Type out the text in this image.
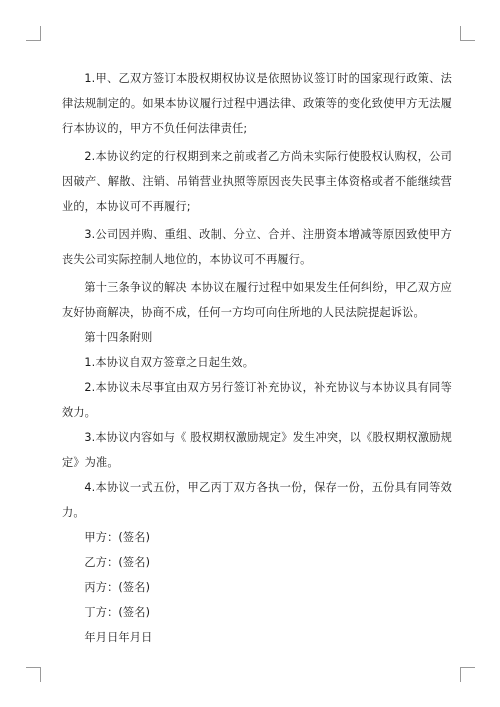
1.甲、乙双方签订本股权期权协议是依照协议签订时的国家现行政策、法律法规制定的。如果本协议履行过程中遇法律、政策等的变化致使甲方无法履行本协议的，甲方不负任何法律责任;

2.本协议约定的行权期到来之前或者乙方尚未实际行使股权认购权，公司因破产、解散、注销、吊销营业执照等原因丧失民事主体资格或者不能继续营业的，本协议可不再履行;

3.公司因并购、重组、改制、分立、合并、注册资本增减等原因致使甲方丧失公司实际控制人地位的，本协议可不再履行。

第十三条争议的解决 本协议在履行过程中如果发生任何纠纷，甲乙双方应友好协商解决，协商不成，任何一方均可向住所地的人民法院提起诉讼。

第十四条附则

1.本协议自双方签章之日起生效。

2.本协议未尽事宜由双方另行签订补充协议，补充协议与本协议具有同等效力。

3.本协议内容如与《 股权期权激励规定》发生冲突，以《股权期权激励规定》为准。

4.本协议一式五份，甲乙丙丁双方各执一份，保存一份，五份具有同等效力。

甲方：(签名)

乙方：(签名)

丙方：(签名)

丁方：(签名)

年月日年月日
